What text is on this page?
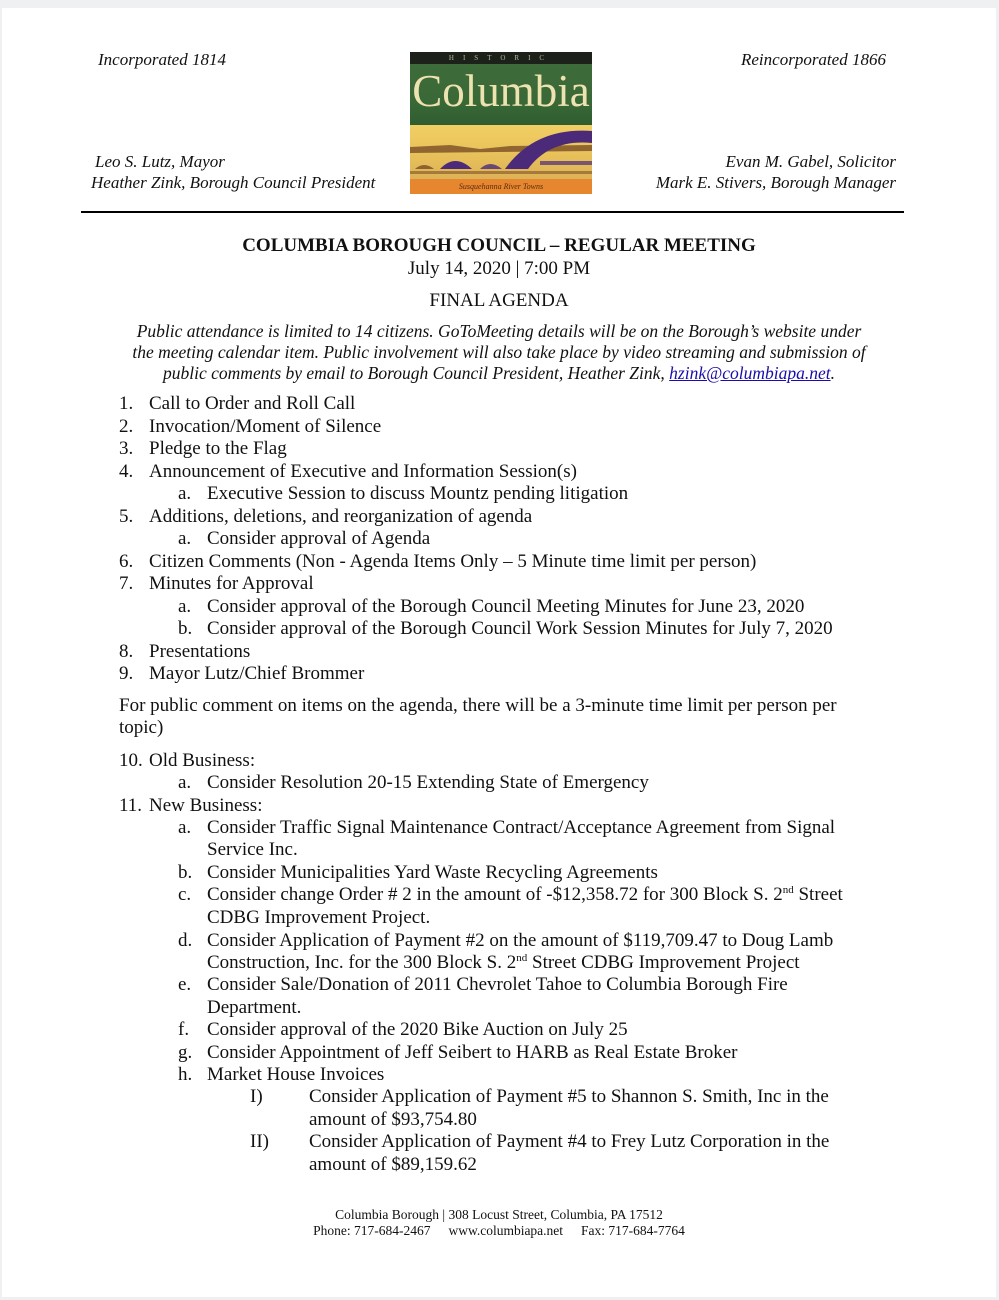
Incorporated 1814	Reincorporated 1866
Leo S. Lutz, Mayor
Heather Zink, Borough Council President
Evan M. Gabel, Solicitor
Mark E. Stivers, Borough Manager
HISTORIC
Columbia
Susquehanna River Towns
COLUMBIA BOROUGH COUNCIL – REGULAR MEETING
July 14, 2020 | 7:00 PM
FINAL AGENDA
Public attendance is limited to 14 citizens. GoToMeeting details will be on the Borough’s website under
the meeting calendar item. Public involvement will also take place by video streaming and submission of
public comments by email to Borough Council President, Heather Zink, hzink@columbiapa.net.
1. Call to Order and Roll Call
2. Invocation/Moment of Silence
3. Pledge to the Flag
4. Announcement of Executive and Information Session(s)
a. Executive Session to discuss Mountz pending litigation
5. Additions, deletions, and reorganization of agenda
a. Consider approval of Agenda
6. Citizen Comments (Non - Agenda Items Only – 5 Minute time limit per person)
7. Minutes for Approval
a. Consider approval of the Borough Council Meeting Minutes for June 23, 2020
b. Consider approval of the Borough Council Work Session Minutes for July 7, 2020
8. Presentations
9. Mayor Lutz/Chief Brommer
For public comment on items on the agenda, there will be a 3-minute time limit per person per
topic)
10. Old Business:
a. Consider Resolution 20-15 Extending State of Emergency
11. New Business:
a. Consider Traffic Signal Maintenance Contract/Acceptance Agreement from Signal
Service Inc.
b. Consider Municipalities Yard Waste Recycling Agreements
c. Consider change Order # 2 in the amount of -$12,358.72 for 300 Block S. 2nd Street
CDBG Improvement Project.
d. Consider Application of Payment #2 on the amount of $119,709.47 to Doug Lamb
Construction, Inc. for the 300 Block S. 2nd Street CDBG Improvement Project
e. Consider Sale/Donation of 2011 Chevrolet Tahoe to Columbia Borough Fire
Department.
f. Consider approval of the 2020 Bike Auction on July 25
g. Consider Appointment of Jeff Seibert to HARB as Real Estate Broker
h. Market House Invoices
I) Consider Application of Payment #5 to Shannon S. Smith, Inc in the
amount of $93,754.80
II) Consider Application of Payment #4 to Frey Lutz Corporation in the
amount of $89,159.62
Columbia Borough | 308 Locust Street, Columbia, PA 17512
Phone: 717-684-2467 www.columbiapa.net Fax: 717-684-7764
